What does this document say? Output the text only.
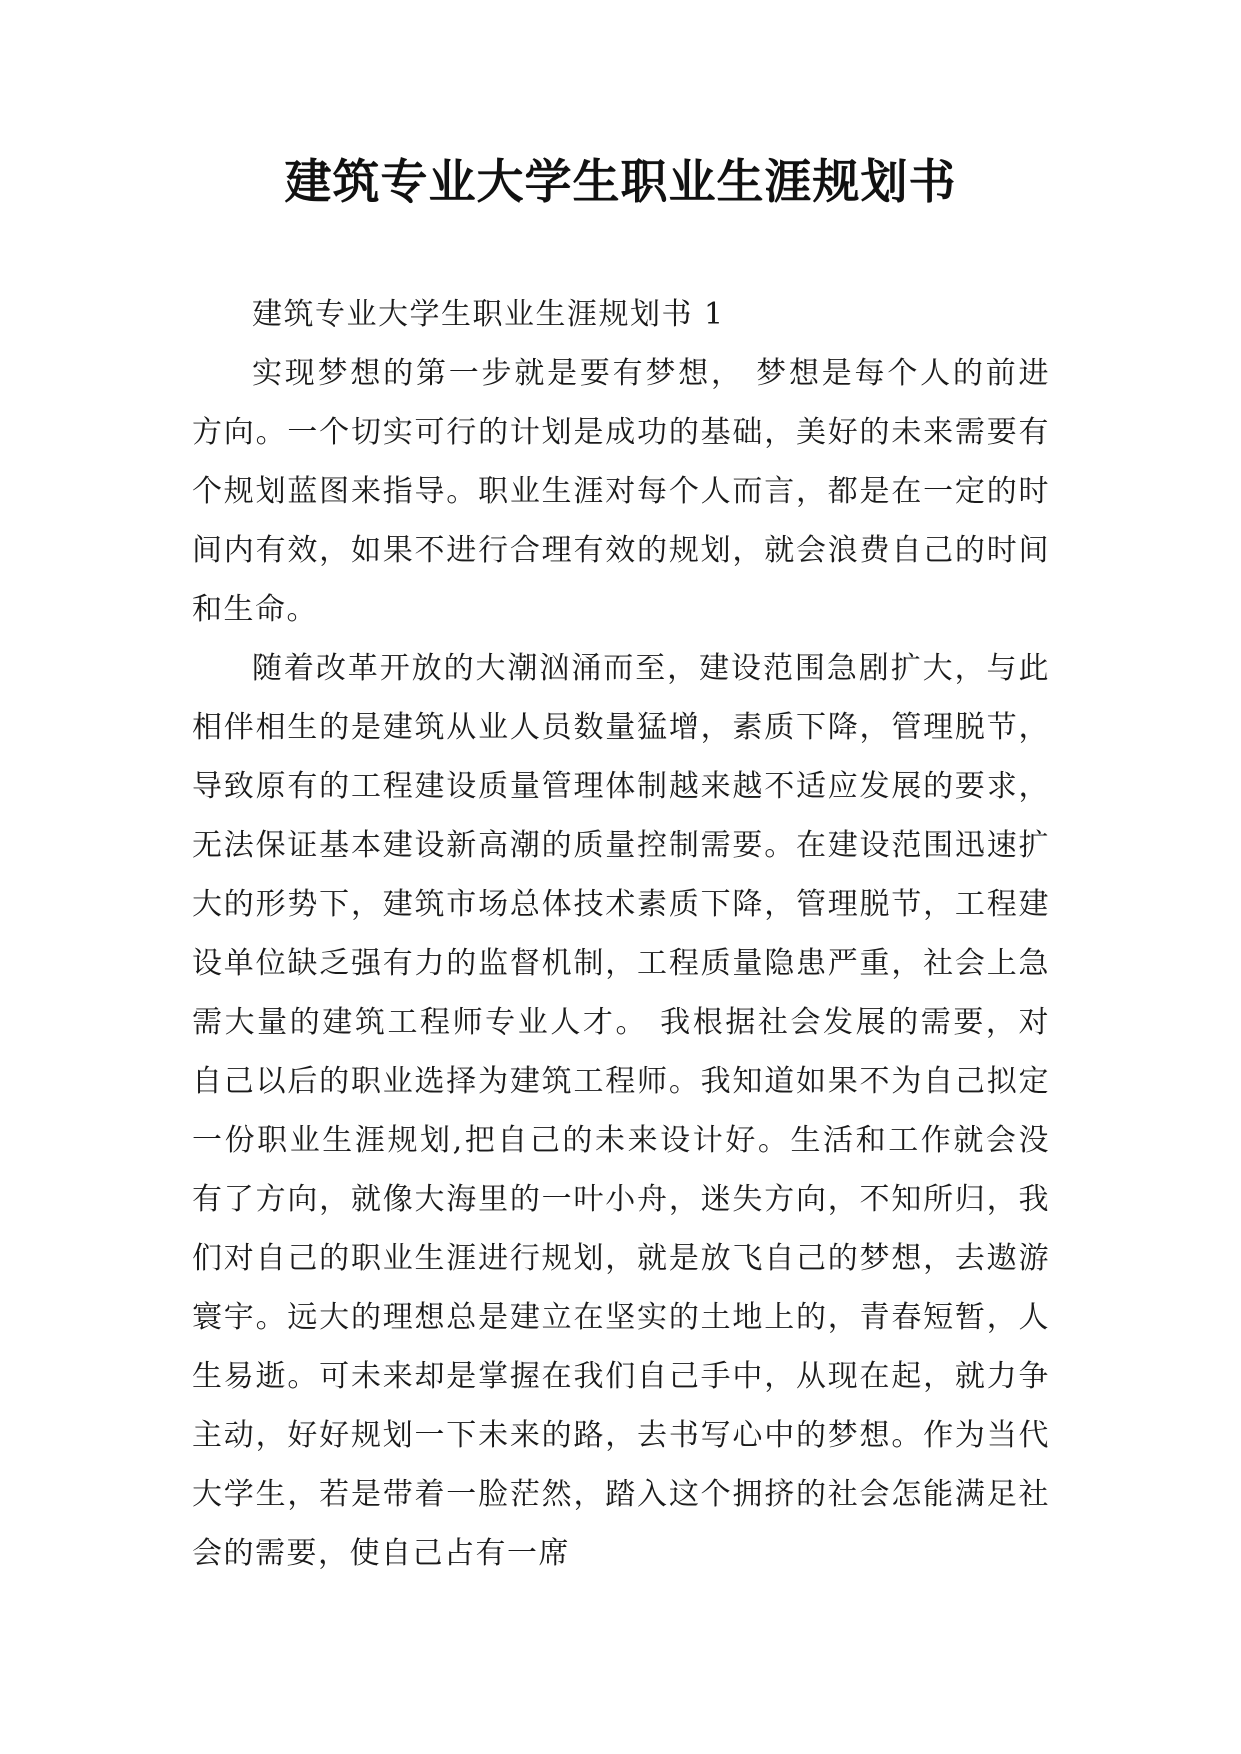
建筑专业大学生职业生涯规划书

建筑专业大学生职业生涯规划书 1

实现梦想的第一步就是要有梦想， 梦想是每个人的前进方向。一个切实可行的计划是成功的基础，美好的未来需要有个规划蓝图来指导。职业生涯对每个人而言，都是在一定的时间内有效，如果不进行合理有效的规划，就会浪费自己的时间和生命。

随着改革开放的大潮汹涌而至，建设范围急剧扩大，与此相伴相生的是建筑从业人员数量猛增，素质下降，管理脱节，导致原有的工程建设质量管理体制越来越不适应发展的要求，无法保证基本建设新高潮的质量控制需要。在建设范围迅速扩大的形势下，建筑市场总体技术素质下降，管理脱节，工程建设单位缺乏强有力的监督机制，工程质量隐患严重，社会上急需大量的建筑工程师专业人才。 我根据社会发展的需要，对自己以后的职业选择为建筑工程师。我知道如果不为自己拟定一份职业生涯规划,把自己的未来设计好。生活和工作就会没有了方向，就像大海里的一叶小舟，迷失方向，不知所归，我们对自己的职业生涯进行规划，就是放飞自己的梦想，去遨游寰宇。远大的理想总是建立在坚实的土地上的，青春短暂，人生易逝。可未来却是掌握在我们自己手中，从现在起，就力争主动，好好规划一下未来的路，去书写心中的梦想。作为当代大学生，若是带着一脸茫然，踏入这个拥挤的社会怎能满足社会的需要，使自己占有一席
